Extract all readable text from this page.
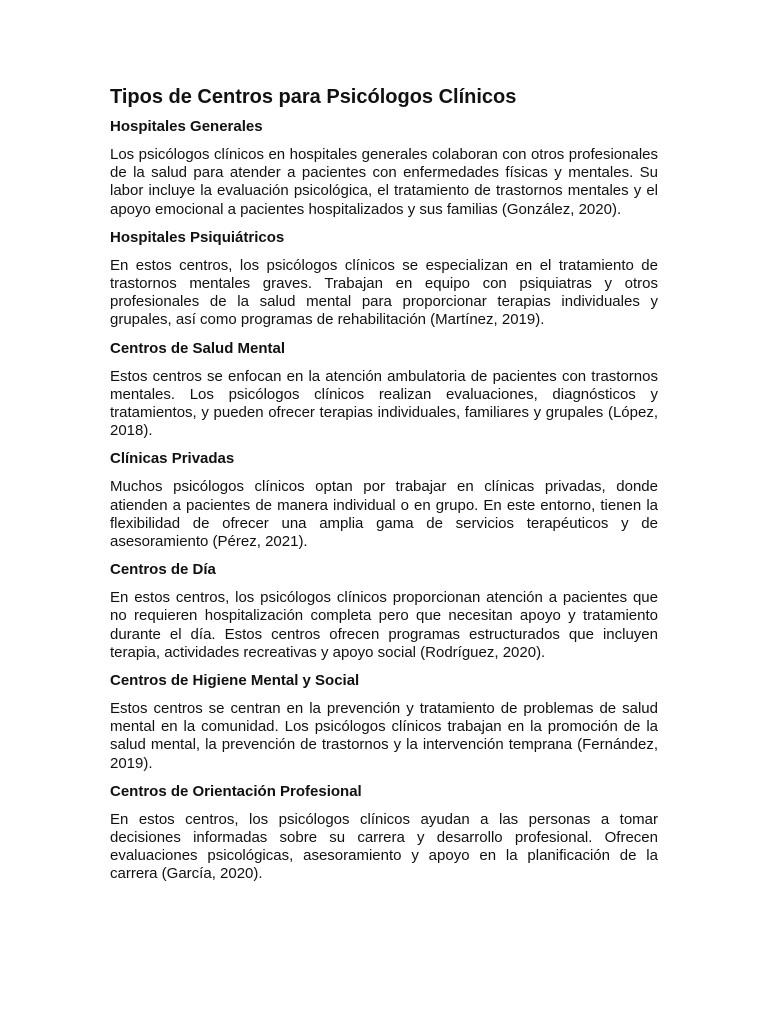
Tipos de Centros para Psicólogos Clínicos
Hospitales Generales

Los psicólogos clínicos en hospitales generales colaboran con otros profesionales de la salud para atender a pacientes con enfermedades físicas y mentales. Su labor incluye la evaluación psicológica, el tratamiento de trastornos mentales y el apoyo emocional a pacientes hospitalizados y sus familias (González, 2020).

Hospitales Psiquiátricos

En estos centros, los psicólogos clínicos se especializan en el tratamiento de trastornos mentales graves. Trabajan en equipo con psiquiatras y otros profesionales de la salud mental para proporcionar terapias individuales y grupales, así como programas de rehabilitación (Martínez, 2019).

Centros de Salud Mental

Estos centros se enfocan en la atención ambulatoria de pacientes con trastornos mentales. Los psicólogos clínicos realizan evaluaciones, diagnósticos y tratamientos, y pueden ofrecer terapias individuales, familiares y grupales (López, 2018).

Clínicas Privadas

Muchos psicólogos clínicos optan por trabajar en clínicas privadas, donde atienden a pacientes de manera individual o en grupo. En este entorno, tienen la flexibilidad de ofrecer una amplia gama de servicios terapéuticos y de asesoramiento (Pérez, 2021).

Centros de Día

En estos centros, los psicólogos clínicos proporcionan atención a pacientes que no requieren hospitalización completa pero que necesitan apoyo y tratamiento durante el día. Estos centros ofrecen programas estructurados que incluyen terapia, actividades recreativas y apoyo social (Rodríguez, 2020).

Centros de Higiene Mental y Social

Estos centros se centran en la prevención y tratamiento de problemas de salud mental en la comunidad. Los psicólogos clínicos trabajan en la promoción de la salud mental, la prevención de trastornos y la intervención temprana (Fernández, 2019).

Centros de Orientación Profesional

En estos centros, los psicólogos clínicos ayudan a las personas a tomar decisiones informadas sobre su carrera y desarrollo profesional. Ofrecen evaluaciones psicológicas, asesoramiento y apoyo en la planificación de la carrera (García, 2020).
